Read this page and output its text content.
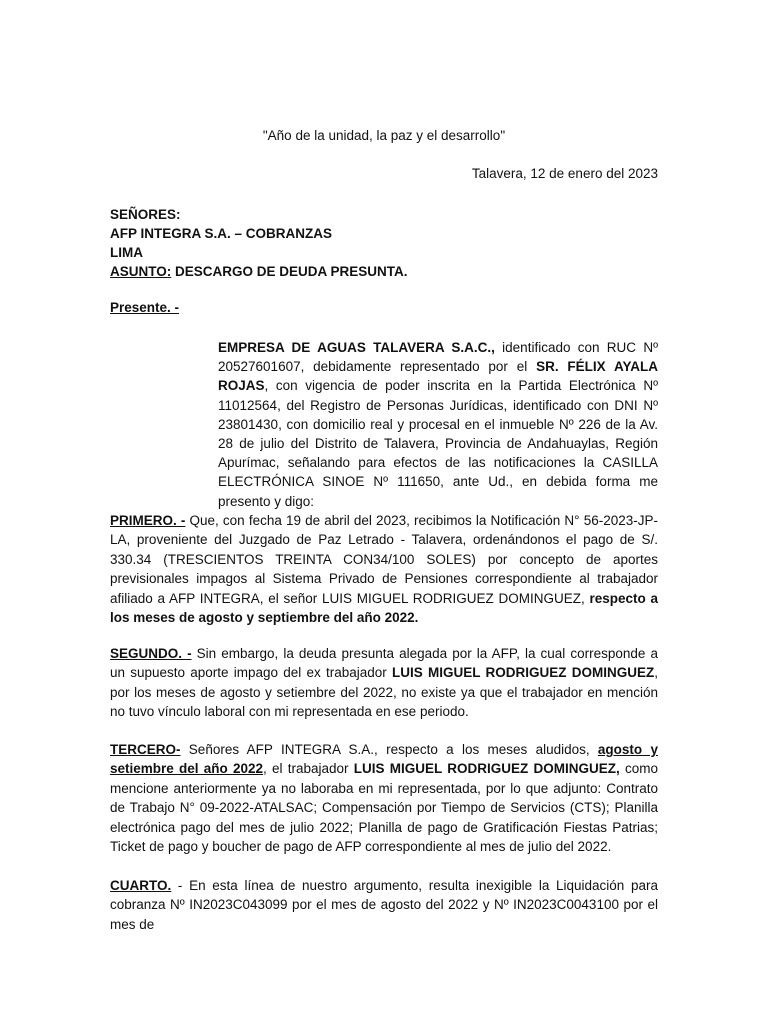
"Año de la unidad, la paz y el desarrollo"
Talavera, 12 de enero del 2023
SEÑORES:
AFP INTEGRA S.A. – COBRANZAS
LIMA
ASUNTO: DESCARGO DE DEUDA PRESUNTA.
Presente. -
EMPRESA DE AGUAS TALAVERA S.A.C., identificado con RUC Nº 20527601607, debidamente representado por el SR. FÉLIX AYALA ROJAS, con vigencia de poder inscrita en la Partida Electrónica Nº 11012564, del Registro de Personas Jurídicas, identificado con DNI Nº 23801430, con domicilio real y procesal en el inmueble Nº 226 de la Av. 28 de julio del Distrito de Talavera, Provincia de Andahuaylas, Región Apurímac, señalando para efectos de las notificaciones la CASILLA ELECTRÓNICA SINOE Nº 111650, ante Ud., en debida forma me presento y digo:
PRIMERO. - Que, con fecha 19 de abril del 2023, recibimos la Notificación N° 56-2023-JP-LA, proveniente del Juzgado de Paz Letrado - Talavera, ordenándonos el pago de S/. 330.34 (TRESCIENTOS TREINTA CON34/100 SOLES) por concepto de aportes previsionales impagos al Sistema Privado de Pensiones correspondiente al trabajador afiliado a AFP INTEGRA, el señor LUIS MIGUEL RODRIGUEZ DOMINGUEZ, respecto a los meses de agosto y septiembre del año 2022.
SEGUNDO. - Sin embargo, la deuda presunta alegada por la AFP, la cual corresponde a un supuesto aporte impago del ex trabajador LUIS MIGUEL RODRIGUEZ DOMINGUEZ, por los meses de agosto y setiembre del 2022, no existe ya que el trabajador en mención no tuvo vínculo laboral con mi representada en ese periodo.
TERCERO- Señores AFP INTEGRA S.A., respecto a los meses aludidos, agosto y setiembre del año 2022, el trabajador LUIS MIGUEL RODRIGUEZ DOMINGUEZ, como mencione anteriormente ya no laboraba en mi representada, por lo que adjunto: Contrato de Trabajo N° 09-2022-ATALSAC; Compensación por Tiempo de Servicios (CTS); Planilla electrónica pago del mes de julio 2022; Planilla de pago de Gratificación Fiestas Patrias; Ticket de pago y boucher de pago de AFP correspondiente al mes de julio del 2022.
CUARTO. - En esta línea de nuestro argumento, resulta inexigible la Liquidación para cobranza Nº IN2023C043099 por el mes de agosto del 2022 y Nº IN2023C0043100 por el mes de
